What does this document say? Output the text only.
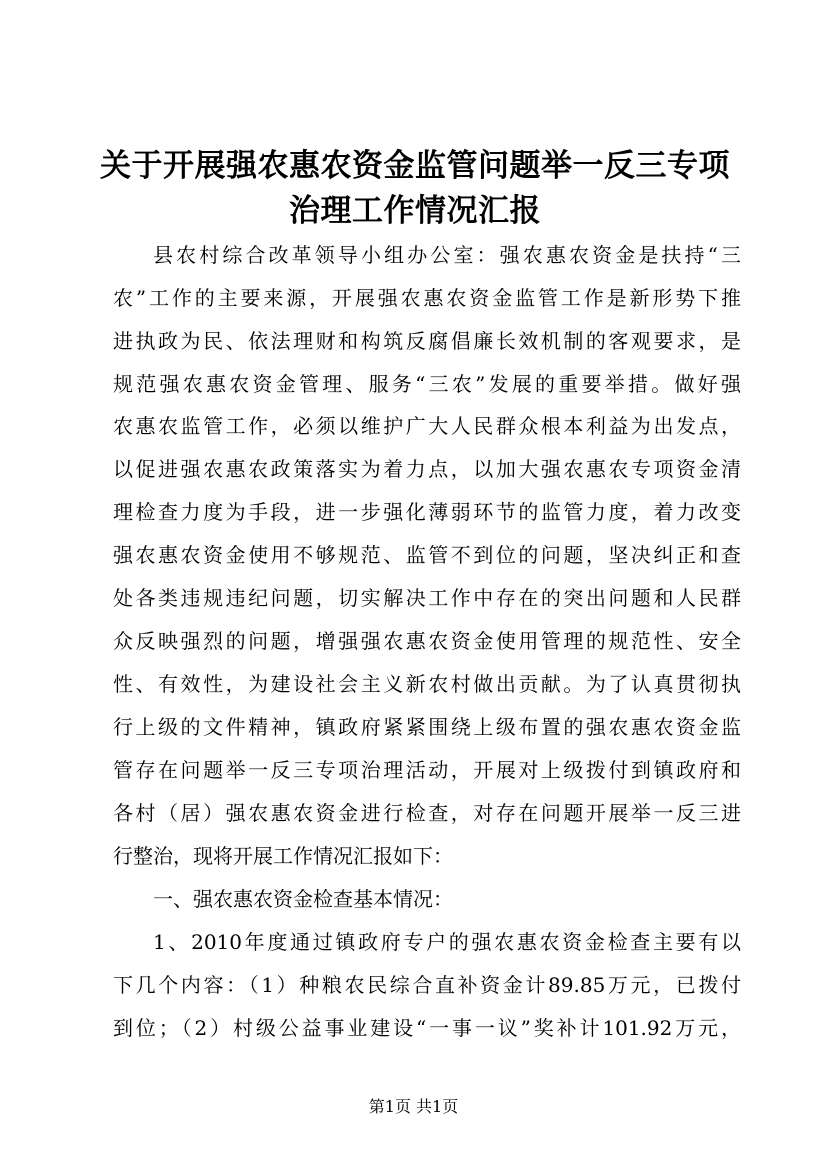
关于开展强农惠农资金监管问题举一反三专项
治理工作情况汇报

县农村综合改革领导小组办公室：强农惠农资金是扶持“三

农”工作的主要来源，开展强农惠农资金监管工作是新形势下推

进执政为民、依法理财和构筑反腐倡廉长效机制的客观要求，是

规范强农惠农资金管理、服务“三农”发展的重要举措。做好强

农惠农监管工作，必须以维护广大人民群众根本利益为出发点，

以促进强农惠农政策落实为着力点，以加大强农惠农专项资金清

理检查力度为手段，进一步强化薄弱环节的监管力度，着力改变

强农惠农资金使用不够规范、监管不到位的问题，坚决纠正和查

处各类违规违纪问题，切实解决工作中存在的突出问题和人民群

众反映强烈的问题，增强强农惠农资金使用管理的规范性、安全

性、有效性，为建设社会主义新农村做出贡献。为了认真贯彻执

行上级的文件精神，镇政府紧紧围绕上级布置的强农惠农资金监

管存在问题举一反三专项治理活动，开展对上级拨付到镇政府和

各村（居）强农惠农资金进行检查，对存在问题开展举一反三进

行整治，现将开展工作情况汇报如下：

一、强农惠农资金检查基本情况：

1、2010年度通过镇政府专户的强农惠农资金检查主要有以

下几个内容：（1）种粮农民综合直补资金计89.85万元，已拨付

到位；（2）村级公益事业建设“一事一议”奖补计101.92万元，

第1页 共1页
